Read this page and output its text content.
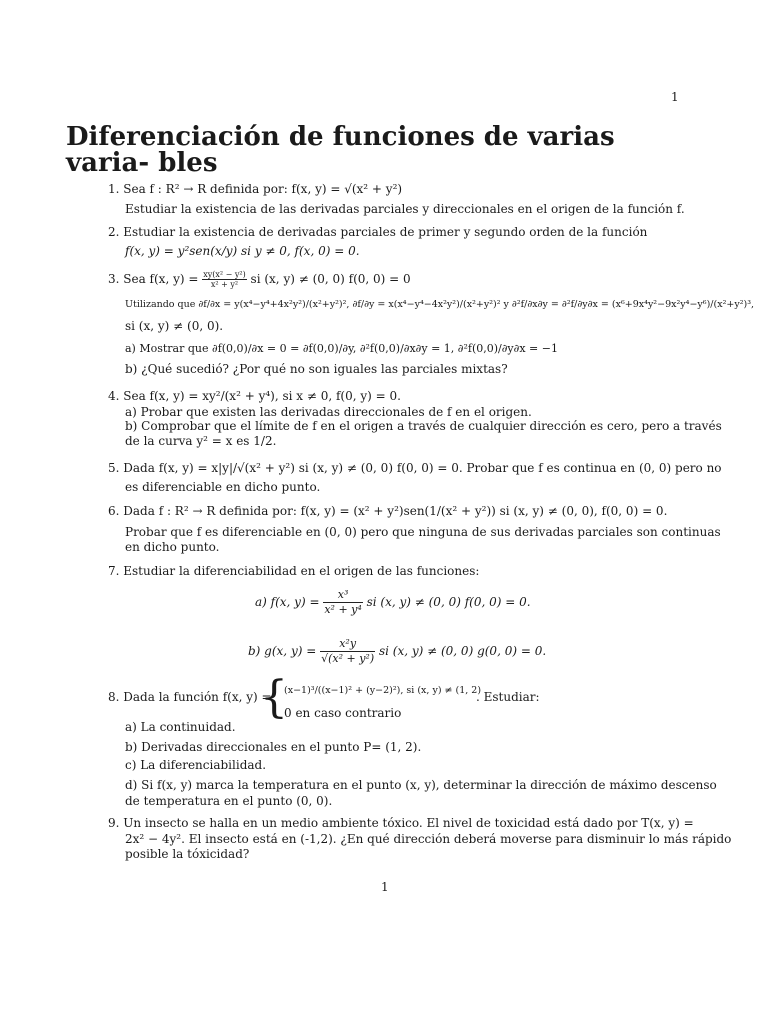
1
Diferenciación de funciones de varias varia- bles
1. Sea f : R² → R definida por: f(x, y) = √(x² + y²)
Estudiar la existencia de las derivadas parciales y direccionales en el origen de la función f.
2. Estudiar la existencia de derivadas parciales de primer y segundo orden de la función
f(x, y) = y²sen(x/y) si y ≠ 0, f(x, 0) = 0.
3. Sea f(x, $y) = \frac{\text{xy(x² − y²)}}{\text{x² + y²}}$ si (x, y) ≠ (0, 0) f(0, 0) = 0
Utilizando que ∂f/∂x = y(x⁴−y⁴+4x²y²)/(x²+y²)², ∂f/∂y = x(x⁴−y⁴−4x²y²)/(x²+y²)² y ∂²f/∂x∂y = ∂²f/∂y∂x = (x⁶+9x⁴y²−9x²y⁴−y⁶)/(x²+y²)³,
si (x, y) ≠ (0, 0).
a) Mostrar que ∂f(0,0)/∂x = 0 = ∂f(0,0)/∂y, ∂²f(0,0)/∂x∂y = 1, ∂²f(0,0)/∂y∂x = −1
b) ¿Qué sucedió? ¿Por qué no son iguales las parciales mixtas?
4. Sea f(x, y) = xy²/(x² + y⁴), si x ≠ 0, f(0, y) = 0.
a) Probar que existen las derivadas direccionales de f en el origen.
b) Comprobar que el límite de f en el origen a través de cualquier dirección es cero, pero a través
de la curva y² = x es 1/2.
5. Dada f(x, y) = x|y|/√(x² + y²) si (x, y) ≠ (0, 0) f(0, 0) = 0. Probar que f es continua en (0, 0) pero no
es diferenciable en dicho punto.
6. Dada f : R² → R definida por: f(x, y) = (x² + y²)sen(1/(x² + y²)) si (x, y) ≠ (0, 0), f(0, 0) = 0.
Probar que f es diferenciable en (0, 0) pero que ninguna de sus derivadas parciales son continuas
en dicho punto.
7. Estudiar la diferenciabilidad en el origen de las funciones:
a) f(x, $y) = \frac{\text{x³}}{\text{x² + y⁴}}$ si (x, y) ≠ (0, 0) f(0, 0) = 0.
b) g(x, $y) = \frac{\text{x²y}}{\text{√(x² + y²)}}$ si (x, y) ≠ (0, 0) g(0, 0) = 0.
8. Dada la función f(x, y) =
{
(x−1)³/((x−1)² + (y−2)²), si (x, y) ≠ (1, 2)
0 en caso contrario
. Estudiar:
a) La continuidad.
b) Derivadas direccionales en el punto P= (1, 2).
c) La diferenciabilidad.
d) Si f(x, y) marca la temperatura en el punto (x, y), determinar la dirección de máximo descenso
de temperatura en el punto (0, 0).
9. Un insecto se halla en un medio ambiente tóxico. El nivel de toxicidad está dado por T(x, y) =
2x² − 4y². El insecto está en (-1,2). ¿En qué dirección deberá moverse para disminuir lo más rápido
posible la tóxicidad?
1
